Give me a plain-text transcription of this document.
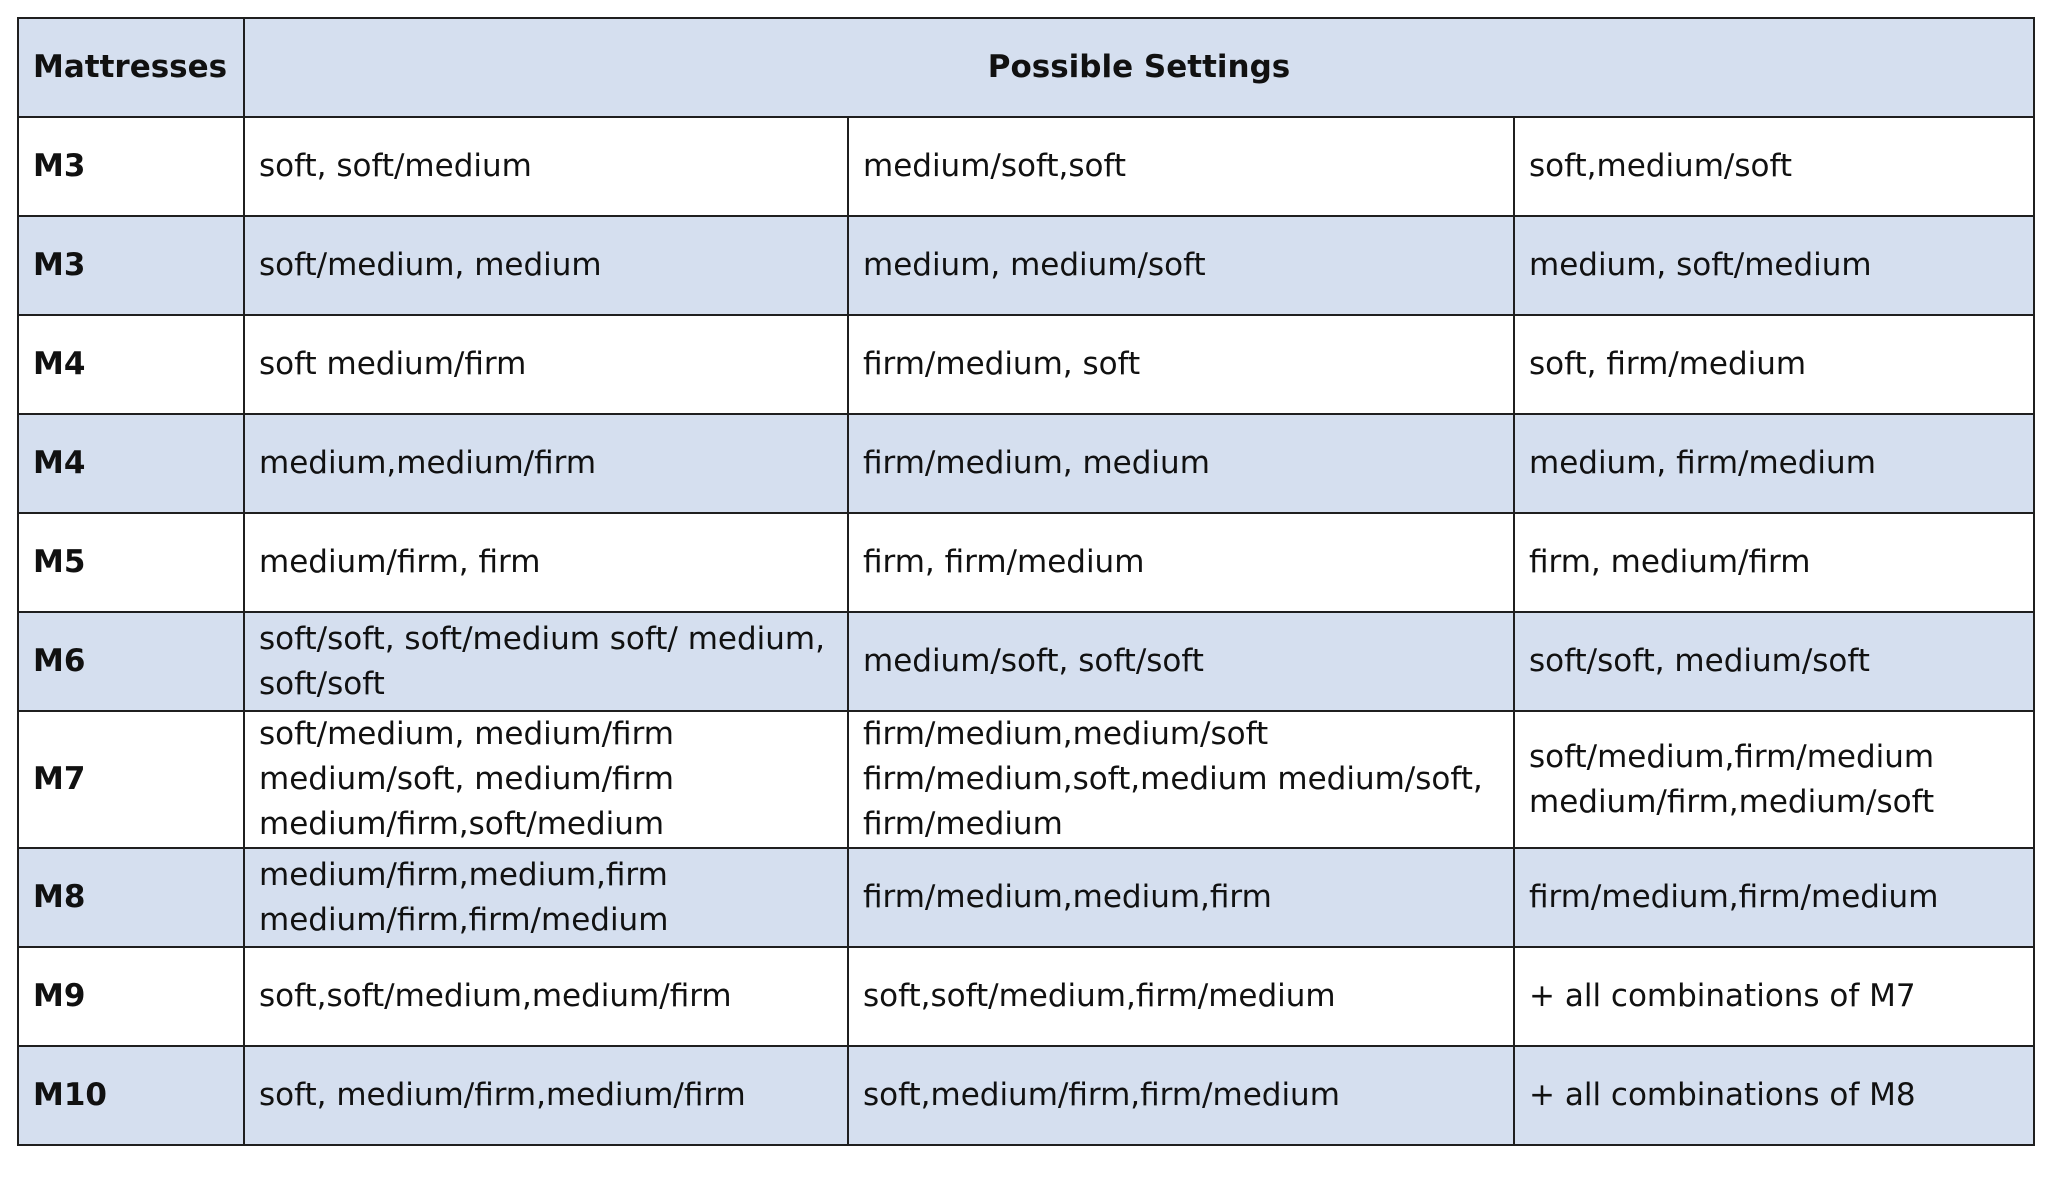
Mattresses	Possible Settings		
M3	soft, soft/medium	medium/soft,soft	soft,medium/soft
M3	soft/medium, medium	medium, medium/soft	medium, soft/medium
M4	soft medium/firm	firm/medium, soft	soft, firm/medium
M4	medium,medium/firm	firm/medium, medium	medium, firm/medium
M5	medium/firm, firm	firm, firm/medium	firm, medium/firm
M6	soft/soft, soft/medium soft/ medium, soft/soft	medium/soft, soft/soft	soft/soft, medium/soft
M7	soft/medium, medium/firm medium/soft, medium/firm medium/firm,soft/medium	firm/medium,medium/soft firm/medium,soft,medium medium/soft, firm/medium	soft/medium,firm/medium medium/firm,medium/soft
M8	medium/firm,medium,firm medium/firm,firm/medium	firm/medium,medium,firm	firm/medium,firm/medium
M9	soft,soft/medium,medium/firm	soft,soft/medium,firm/medium	+ all combinations of M7
M10	soft, medium/firm,medium/firm	soft,medium/firm,firm/medium	+ all combinations of M8
